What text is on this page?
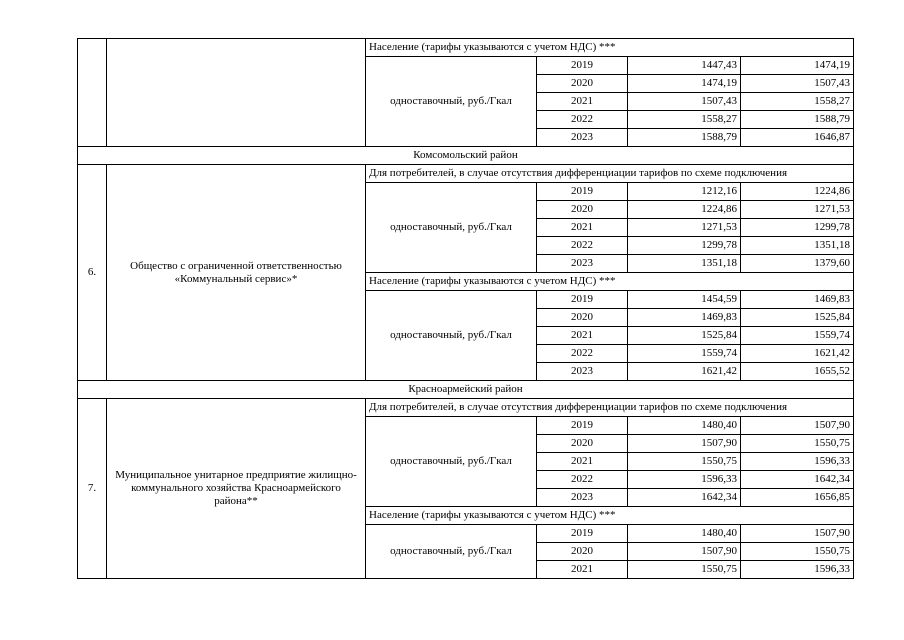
		Население (тарифы указываются с учетом НДС) ***			
		одноставочный, руб./Гкал	2019	1447,43	1474,19
			2020	1474,19	1507,43
			2021	1507,43	1558,27
			2022	1558,27	1588,79
			2023	1588,79	1646,87
Комсомольский район					
6.	Общество с ограниченной ответственностью «Коммунальный сервис»*	Для потребителей, в случае отсутствия дифференциации тарифов по схеме подключения			
		одноставочный, руб./Гкал	2019	1212,16	1224,86
			2020	1224,86	1271,53
			2021	1271,53	1299,78
			2022	1299,78	1351,18
			2023	1351,18	1379,60
		Население (тарифы указываются с учетом НДС) ***			
		одноставочный, руб./Гкал	2019	1454,59	1469,83
			2020	1469,83	1525,84
			2021	1525,84	1559,74
			2022	1559,74	1621,42
			2023	1621,42	1655,52
Красноармейский район					
7.	Муниципальное унитарное предприятие жилищно-коммунального хозяйства Красноармейского района**	Для потребителей, в случае отсутствия дифференциации тарифов по схеме подключения			
		одноставочный, руб./Гкал	2019	1480,40	1507,90
			2020	1507,90	1550,75
			2021	1550,75	1596,33
			2022	1596,33	1642,34
			2023	1642,34	1656,85
		Население (тарифы указываются с учетом НДС) ***			
		одноставочный, руб./Гкал	2019	1480,40	1507,90
			2020	1507,90	1550,75
			2021	1550,75	1596,33
